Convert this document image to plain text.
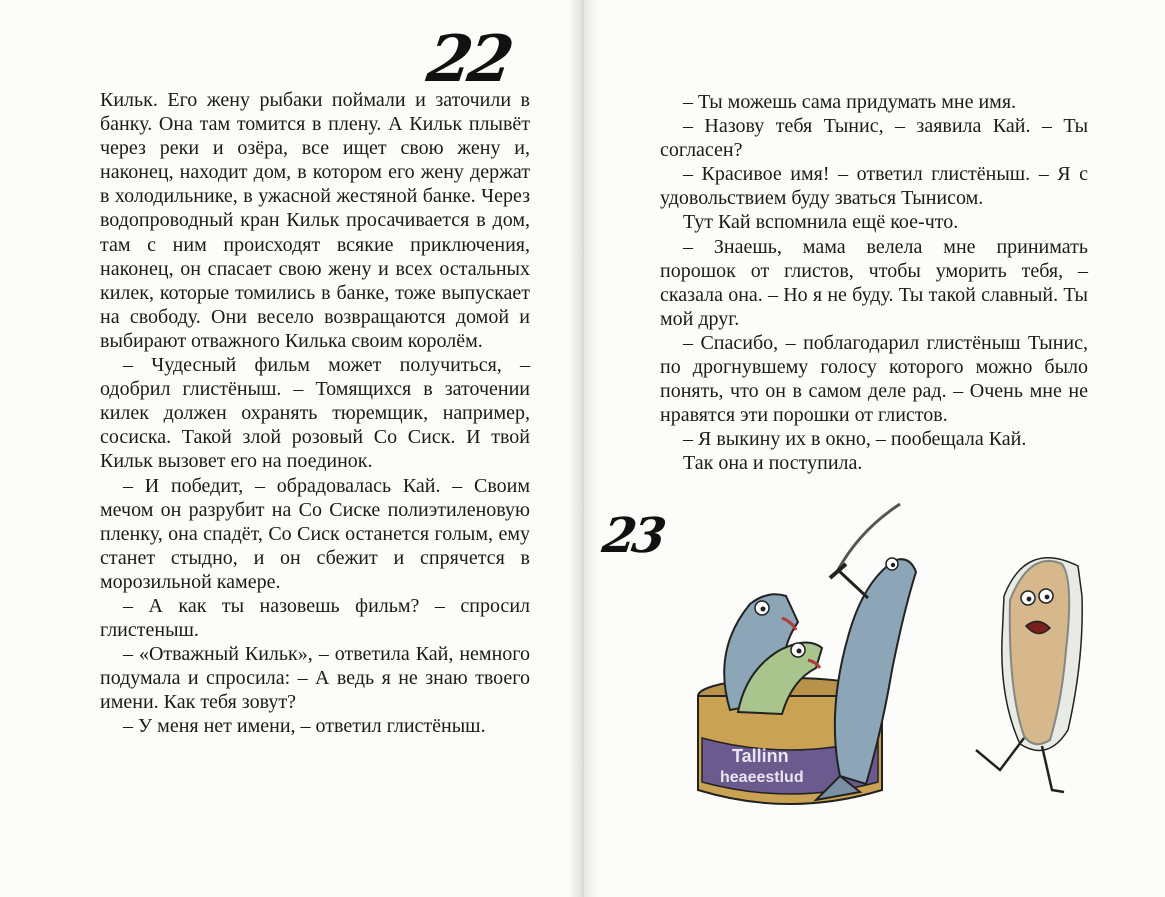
22

Кильк. Его жену рыбаки поймали и заточили в банку. Она там томится в плену. А Кильк плывёт через реки и озёра, все ищет свою жену и, наконец, находит дом, в котором его жену держат в холодильнике, в ужасной жестяной банке. Через водопроводный кран Кильк просачивается в дом, там с ним происходят всякие приключения, наконец, он спасает свою жену и всех остальных килек, которые томились в банке, тоже выпускает на свободу. Они весело возвращаются домой и выбирают отважного Килька своим королём.

– Чудесный фильм может получиться, – одобрил глистёныш. – Томящихся в заточении килек должен охранять тюремщик, например, сосиска. Такой злой розовый Со Сиск. И твой Кильк вызовет его на поединок.

– И победит, – обрадовалась Кай. – Своим мечом он разрубит на Со Сиске полиэтиленовую пленку, она спадёт, Со Сиск останется голым, ему станет стыдно, и он сбежит и спрячется в морозильной камере.

– А как ты назовешь фильм? – спросил глистеныш.

– «Отважный Кильк», – ответила Кай, немного подумала и спросила: – А ведь я не знаю твоего имени. Как тебя зовут?

– У меня нет имени, – ответил глистёныш.

– Ты можешь сама придумать мне имя.

– Назову тебя Тынис, – заявила Кай. – Ты согласен?

– Красивое имя! – ответил глистёныш. – Я с удовольствием буду зваться Тынисом.

Тут Кай вспомнила ещё кое-что.

– Знаешь, мама велела мне принимать порошок от глистов, чтобы уморить тебя, – сказала она. – Но я не буду. Ты такой славный. Ты мой друг.

– Спасибо, – поблагодарил глистёныш Тынис, по дрогнувшему голосу которого можно было понять, что он в самом деле рад. – Очень мне не нравятся эти порошки от глистов.

– Я выкину их в окно, – пообещала Кай.

Так она и поступила.

23
Tallinn
heaeestlud
